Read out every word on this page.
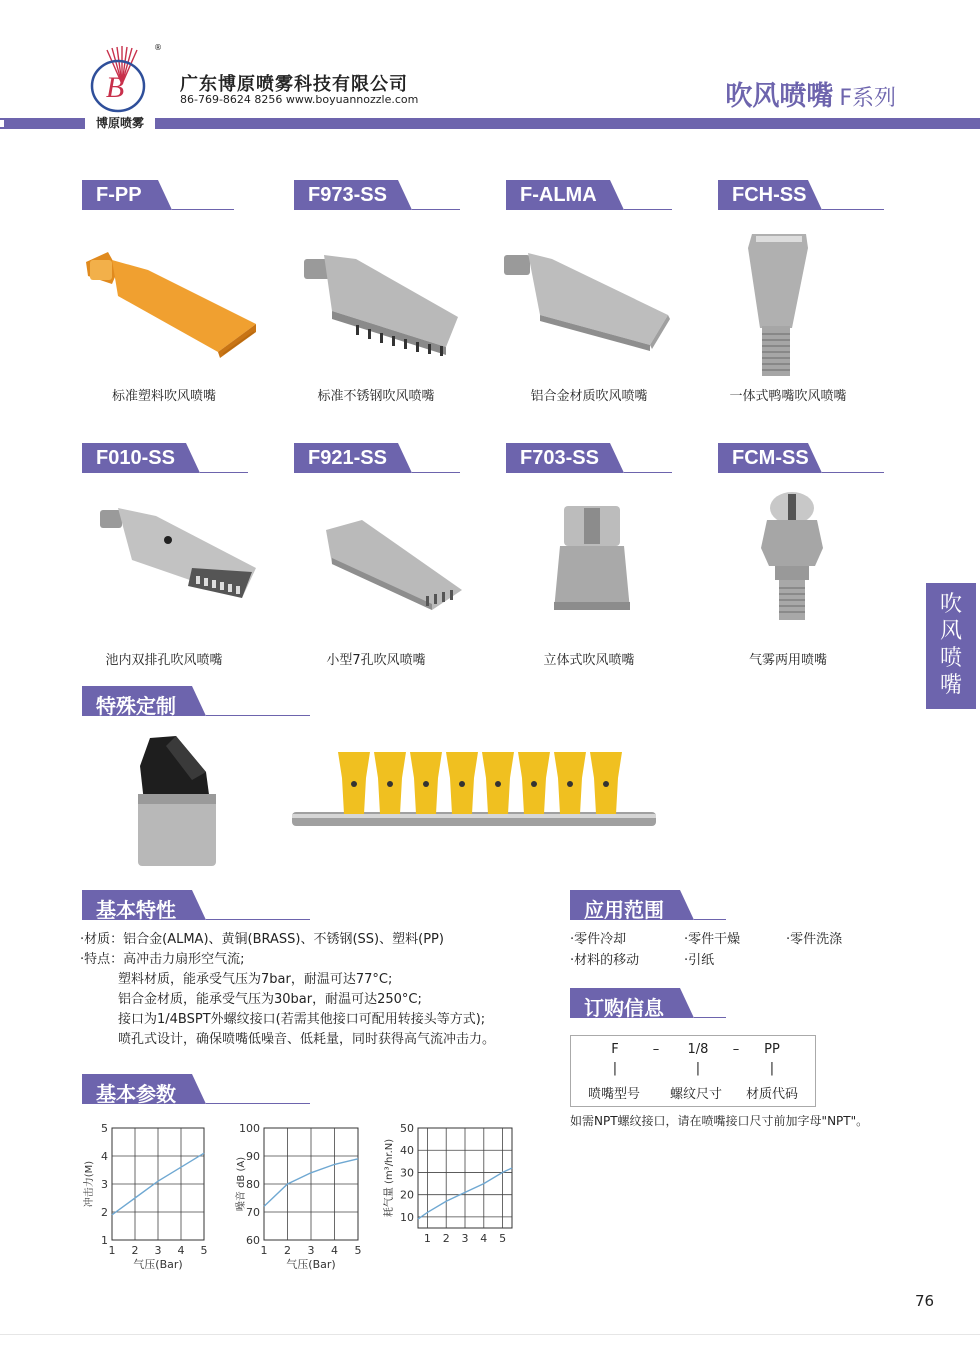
B
®
广东博原喷雾科技有限公司
86-769-8624 8256 www.boyuannozzle.com	吹风喷嘴 F系列
博原喷雾
F-PP	F973-SS	F-ALMA	FCH-SS
标准塑料吹风喷嘴	标准不锈钢吹风喷嘴	铝合金材质吹风喷嘴	一体式鸭嘴吹风喷嘴
F010-SS	F921-SS	F703-SS	FCM-SS
池内双排孔吹风喷嘴	小型7孔吹风喷嘴	立体式吹风喷嘴	气雾两用喷嘴
吹
风
喷
嘴
特殊定制
基本特性
·材质：铝合金(ALMA)、黄铜(BRASS)、不锈钢(SS)、塑料(PP)
·特点：高冲击力扇形空气流;
塑料材质，能承受气压为7bar，耐温可达77°C;
铝合金材质，能承受气压为30bar，耐温可达250°C;
接口为1/4BSPT外螺纹接口(若需其他接口可配用转接头等方式);
喷孔式设计，确保喷嘴低噪音、低耗量，同时获得高气流冲击力。
应用范围
·零件冷却	·零件干燥	·零件洗涤
·材料的移动	·引纸
订购信息
F	–	1/8	–	PP
|	|	|
喷嘴型号	螺纹尺寸	材质代码
如需NPT螺纹接口，请在喷嘴接口尺寸前加字母"NPT"。
基本参数
1
2
3
4
5
1 2 3 4 5
气压(Bar)
冲击力(M)
60
70
80
90
100
1 2 3 4 5
气压(Bar)
噪音 dB (A)
10
20
30
40
50
1 2 3 4 5
耗气量 (m³/hr.N)
76
